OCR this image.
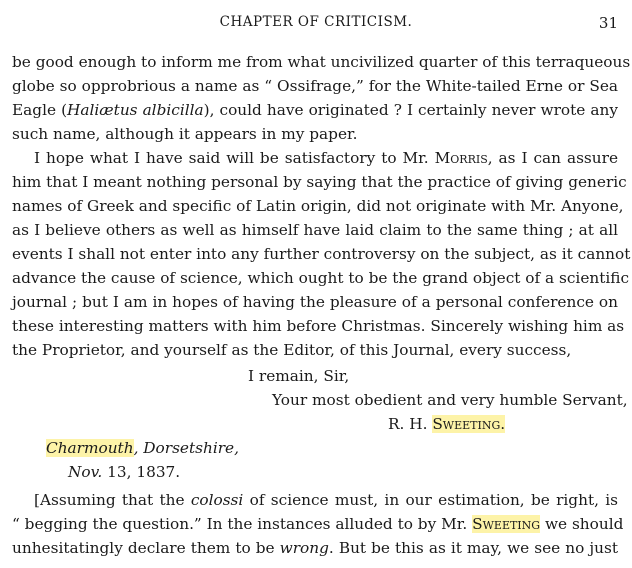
CHAPTER OF CRITICISM.	31
be good enough to inform me from what uncivilized quarter of this terraqueous
globe so opprobrious a name as “ Ossifrage,” for the White-tailed Erne or Sea
Eagle (Haliætus albicilla), could have originated ? I certainly never wrote any
such name, although it appears in my paper.
I hope what I have said will be satisfactory to Mr. Morris, as I can assure
him that I meant nothing personal by saying that the practice of giving generic
names of Greek and specific of Latin origin, did not originate with Mr. Anyone,
as I believe others as well as himself have laid claim to the same thing ; at all
events I shall not enter into any further controversy on the subject, as it cannot
advance the cause of science, which ought to be the grand object of a scientific
journal ; but I am in hopes of having the pleasure of a personal conference on
these interesting matters with him before Christmas. Sincerely wishing him as
the Proprietor, and yourself as the Editor, of this Journal, every success,
I remain, Sir,
Your most obedient and very humble Servant,
R. H. Sweeting.
Charmouth, Dorsetshire,
Nov. 13, 1837.
[Assuming that the colossi of science must, in our estimation, be right, is
“ begging the question.” In the instances alluded to by Mr. Sweeting we should
unhesitatingly declare them to be wrong. But be this as it may, we see no just
